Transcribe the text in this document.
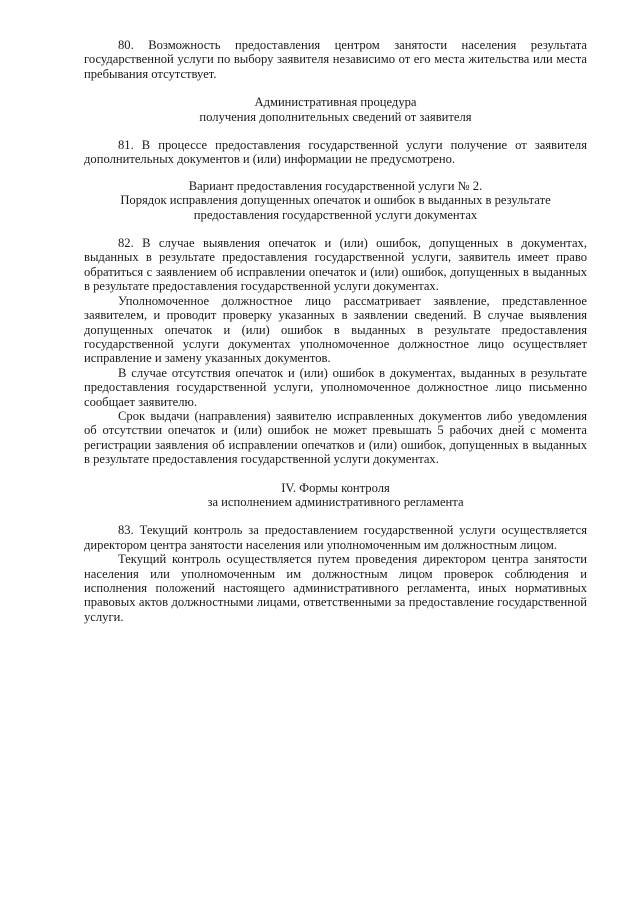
80. Возможность предоставления центром занятости населения результата государственной услуги по выбору заявителя независимо от его места жительства или места пребывания отсутствует.

Административная процедура

получения дополнительных сведений от заявителя

81. В процессе предоставления государственной услуги получение от заявителя дополнительных документов и (или) информации не предусмотрено.

Вариант предоставления государственной услуги № 2.

Порядок исправления допущенных опечаток и ошибок в выданных в результате

предоставления государственной услуги документах

82. В случае выявления опечаток и (или) ошибок, допущенных в документах, выданных в результате предоставления государственной услуги, заявитель имеет право обратиться с заявлением об исправлении опечаток и (или) ошибок, допущенных в выданных в результате предоставления государственной услуги документах.

Уполномоченное должностное лицо рассматривает заявление, представленное заявителем, и проводит проверку указанных в заявлении сведений. В случае выявления допущенных опечаток и (или) ошибок в выданных в результате предоставления государственной услуги документах уполномоченное должностное лицо осуществляет исправление и замену указанных документов.

В случае отсутствия опечаток и (или) ошибок в документах, выданных в результате предоставления государственной услуги, уполномоченное должностное лицо письменно сообщает заявителю.

Срок выдачи (направления) заявителю исправленных документов либо уведомления об отсутствии опечаток и (или) ошибок не может превышать 5 рабочих дней с момента регистрации заявления об исправлении опечатков и (или) ошибок, допущенных в выданных в результате предоставления государственной услуги документах.

IV. Формы контроля

за исполнением административного регламента

83. Текущий контроль за предоставлением государственной услуги осуществляется директором центра занятости населения или уполномоченным им должностным лицом.

Текущий контроль осуществляется путем проведения директором центра занятости населения или уполномоченным им должностным лицом проверок соблюдения и исполнения положений настоящего административного регламента, иных нормативных правовых актов должностными лицами, ответственными за предоставление государственной услуги.
